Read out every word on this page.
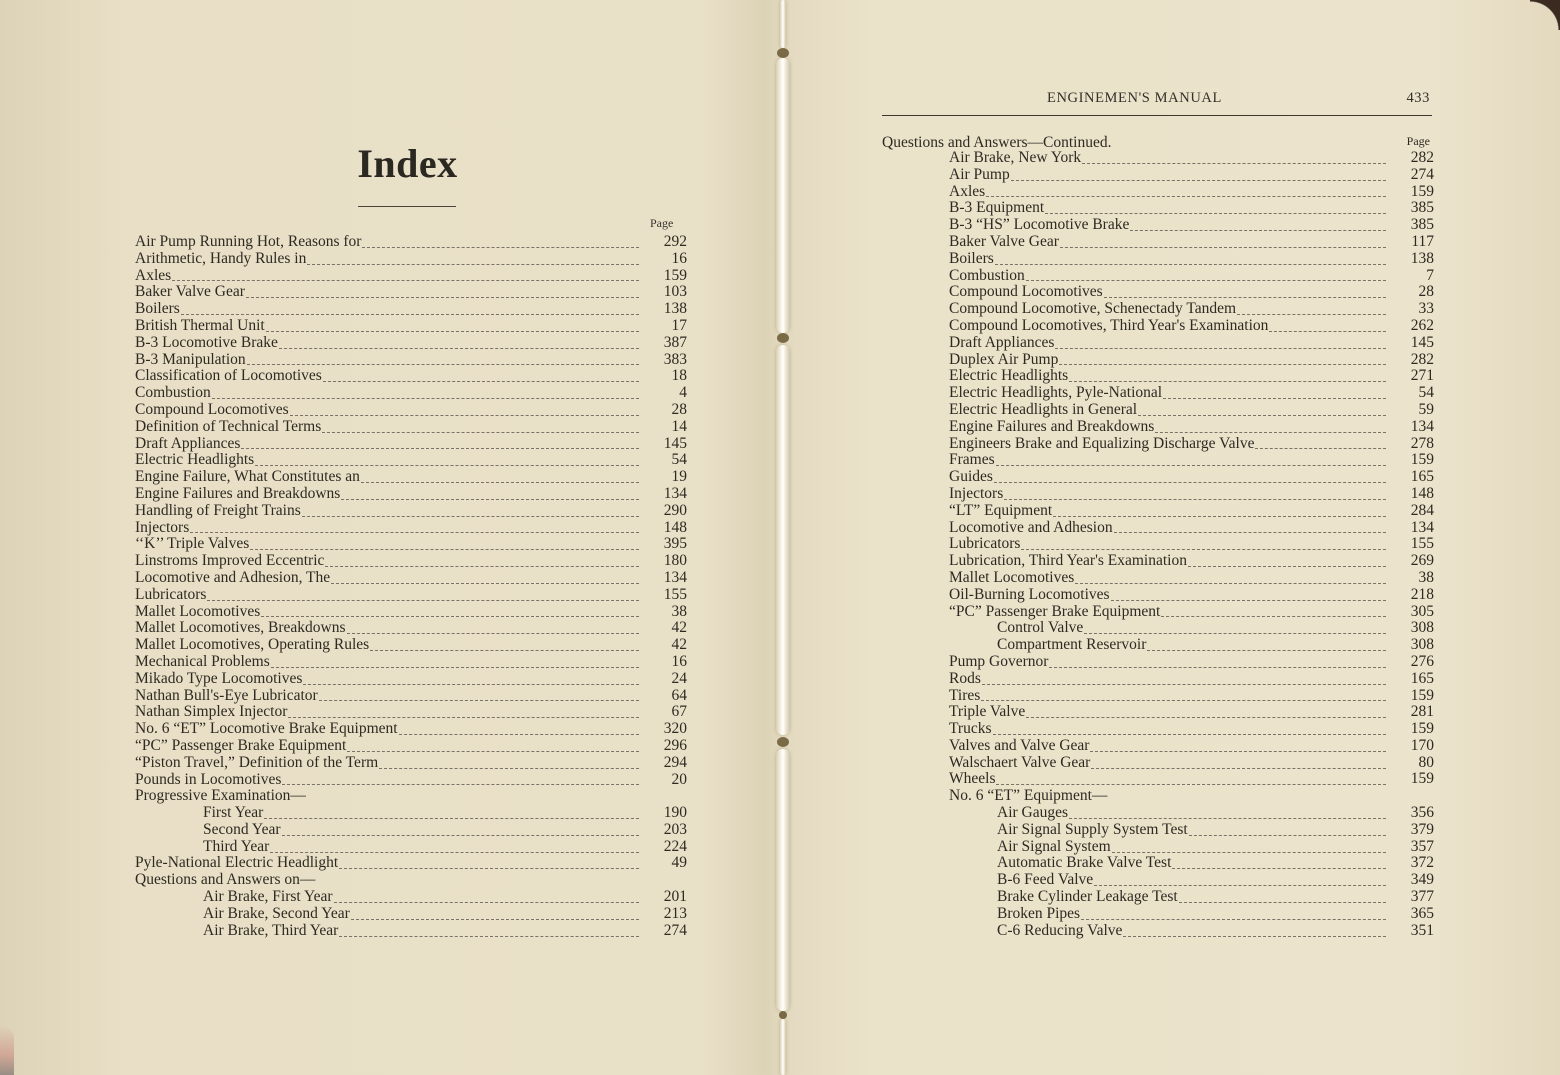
Index
Page
Air Pump Running Hot, Reasons for	292
Arithmetic, Handy Rules in	16
Axles	159
Baker Valve Gear	103
Boilers	138
British Thermal Unit	17
B-3 Locomotive Brake	387
B-3 Manipulation	383
Classification of Locomotives	18
Combustion	4
Compound Locomotives	28
Definition of Technical Terms	14
Draft Appliances	145
Electric Headlights	54
Engine Failure, What Constitutes an	19
Engine Failures and Breakdowns	134
Handling of Freight Trains	290
Injectors	148
‘‘K’’ Triple Valves	395
Linstroms Improved Eccentric	180
Locomotive and Adhesion, The	134
Lubricators	155
Mallet Locomotives	38
Mallet Locomotives, Breakdowns	42
Mallet Locomotives, Operating Rules	42
Mechanical Problems	16
Mikado Type Locomotives	24
Nathan Bull's-Eye Lubricator	64
Nathan Simplex Injector	67
No. 6 “ET” Locomotive Brake Equipment	320
“PC” Passenger Brake Equipment	296
“Piston Travel,” Definition of the Term	294
Pounds in Locomotives	20
Progressive Examination—
First Year	190
Second Year	203
Third Year	224
Pyle-National Electric Headlight	49
Questions and Answers on—
Air Brake, First Year	201
Air Brake, Second Year	213
Air Brake, Third Year	274
ENGINEMEN'S MANUAL	433
Questions and Answers—Continued.	Page
Air Brake, New York	282
Air Pump	274
Axles	159
B-3 Equipment	385
B-3 “HS” Locomotive Brake	385
Baker Valve Gear	117
Boilers	138
Combustion	7
Compound Locomotives	28
Compound Locomotive, Schenectady Tandem	33
Compound Locomotives, Third Year's Examination	262
Draft Appliances	145
Duplex Air Pump	282
Electric Headlights	271
Electric Headlights, Pyle-National	54
Electric Headlights in General	59
Engine Failures and Breakdowns	134
Engineers Brake and Equalizing Discharge Valve	278
Frames	159
Guides	165
Injectors	148
“LT” Equipment	284
Locomotive and Adhesion	134
Lubricators	155
Lubrication, Third Year's Examination	269
Mallet Locomotives	38
Oil-Burning Locomotives	218
“PC” Passenger Brake Equipment	305
Control Valve	308
Compartment Reservoir	308
Pump Governor	276
Rods	165
Tires	159
Triple Valve	281
Trucks	159
Valves and Valve Gear	170
Walschaert Valve Gear	80
Wheels	159
No. 6 “ET” Equipment—
Air Gauges	356
Air Signal Supply System Test	379
Air Signal System	357
Automatic Brake Valve Test	372
B-6 Feed Valve	349
Brake Cylinder Leakage Test	377
Broken Pipes	365
C-6 Reducing Valve	351
